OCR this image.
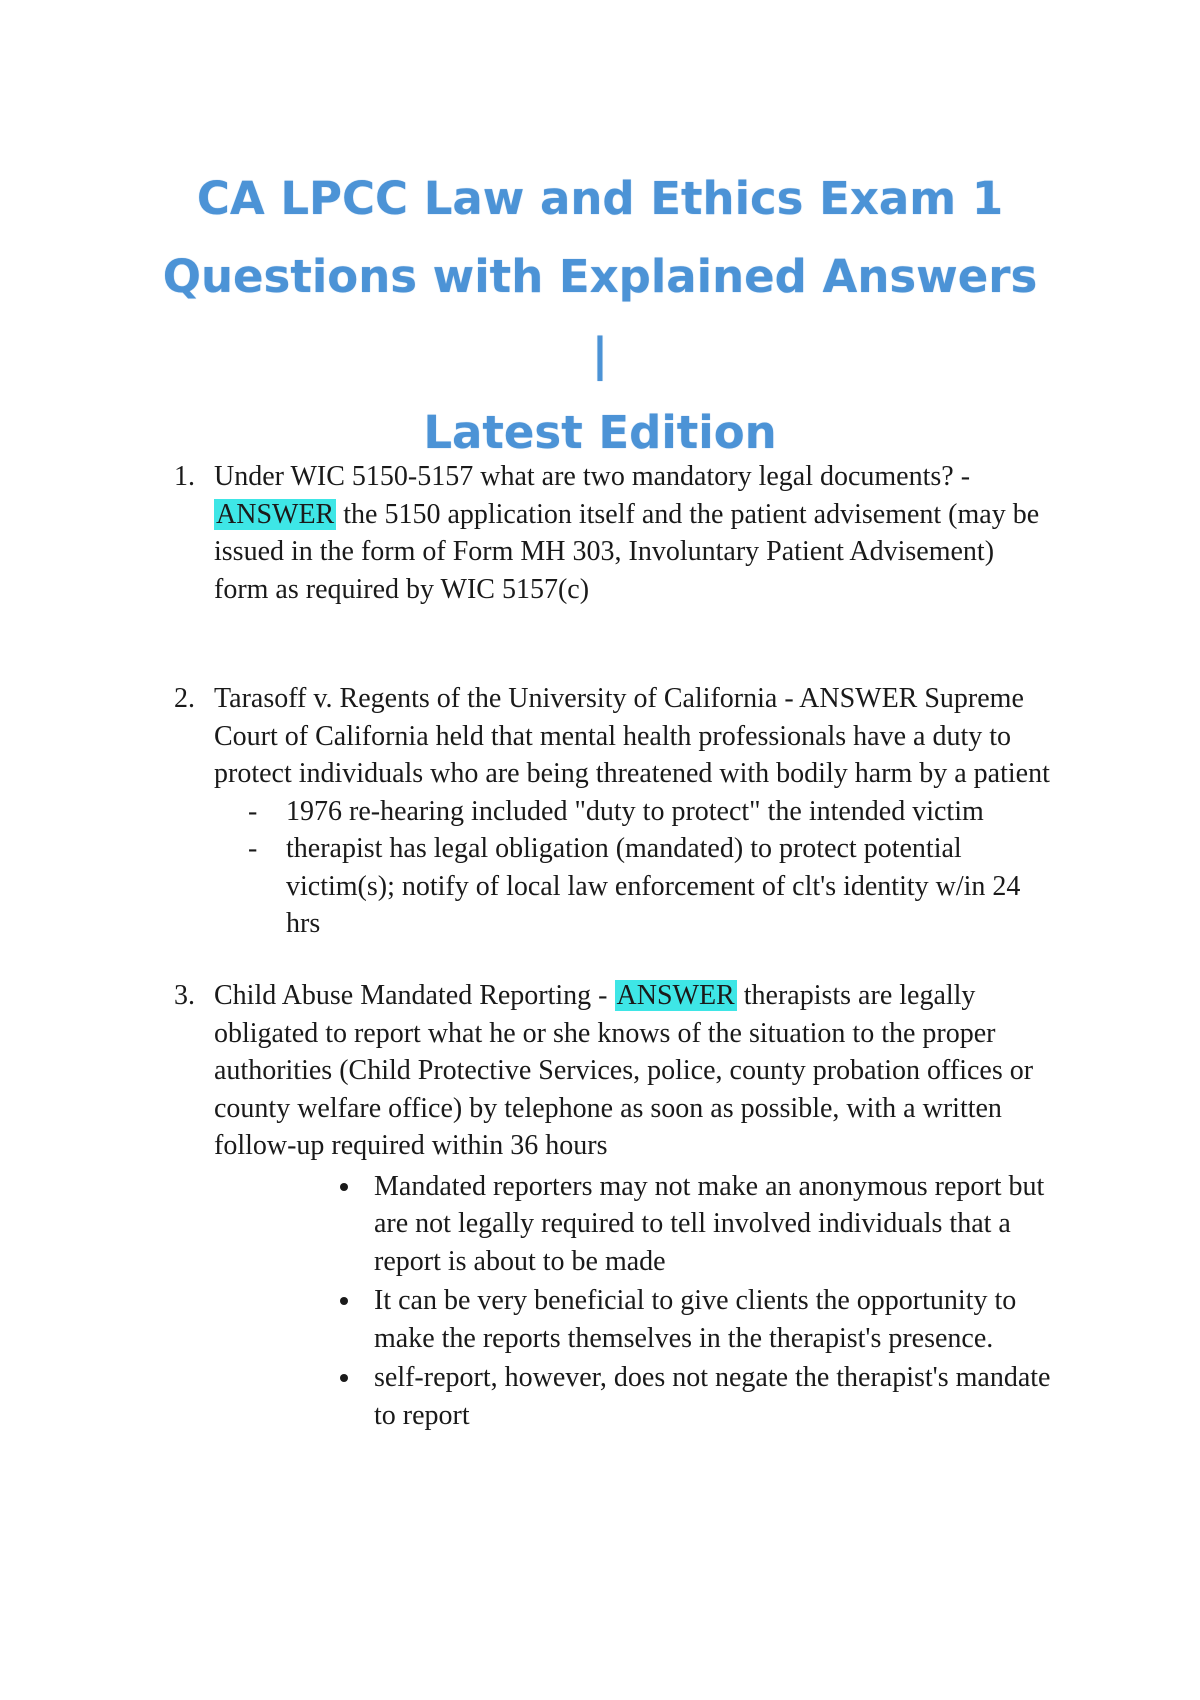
CA LPCC Law and Ethics Exam 1
Questions with Explained Answers |
Latest Edition
1. Under WIC 5150-5157 what are two mandatory legal documents? - ANSWER the 5150 application itself and the patient advisement (may be issued in the form of Form MH 303, Involuntary Patient Advisement) form as required by WIC 5157(c)
2. Tarasoff v. Regents of the University of California - ANSWER Supreme Court of California held that mental health professionals have a duty to protect individuals who are being threatened with bodily harm by a patient
- 1976 re-hearing included "duty to protect" the intended victim
- therapist has legal obligation (mandated) to protect potential victim(s); notify of local law enforcement of clt's identity w/in 24 hrs
3. Child Abuse Mandated Reporting - ANSWER therapists are legally obligated to report what he or she knows of the situation to the proper authorities (Child Protective Services, police, county probation offices or county welfare office) by telephone as soon as possible, with a written follow-up required within 36 hours
Mandated reporters may not make an anonymous report but are not legally required to tell involved individuals that a report is about to be made
It can be very beneficial to give clients the opportunity to make the reports themselves in the therapist's presence.
self-report, however, does not negate the therapist's mandate to report
